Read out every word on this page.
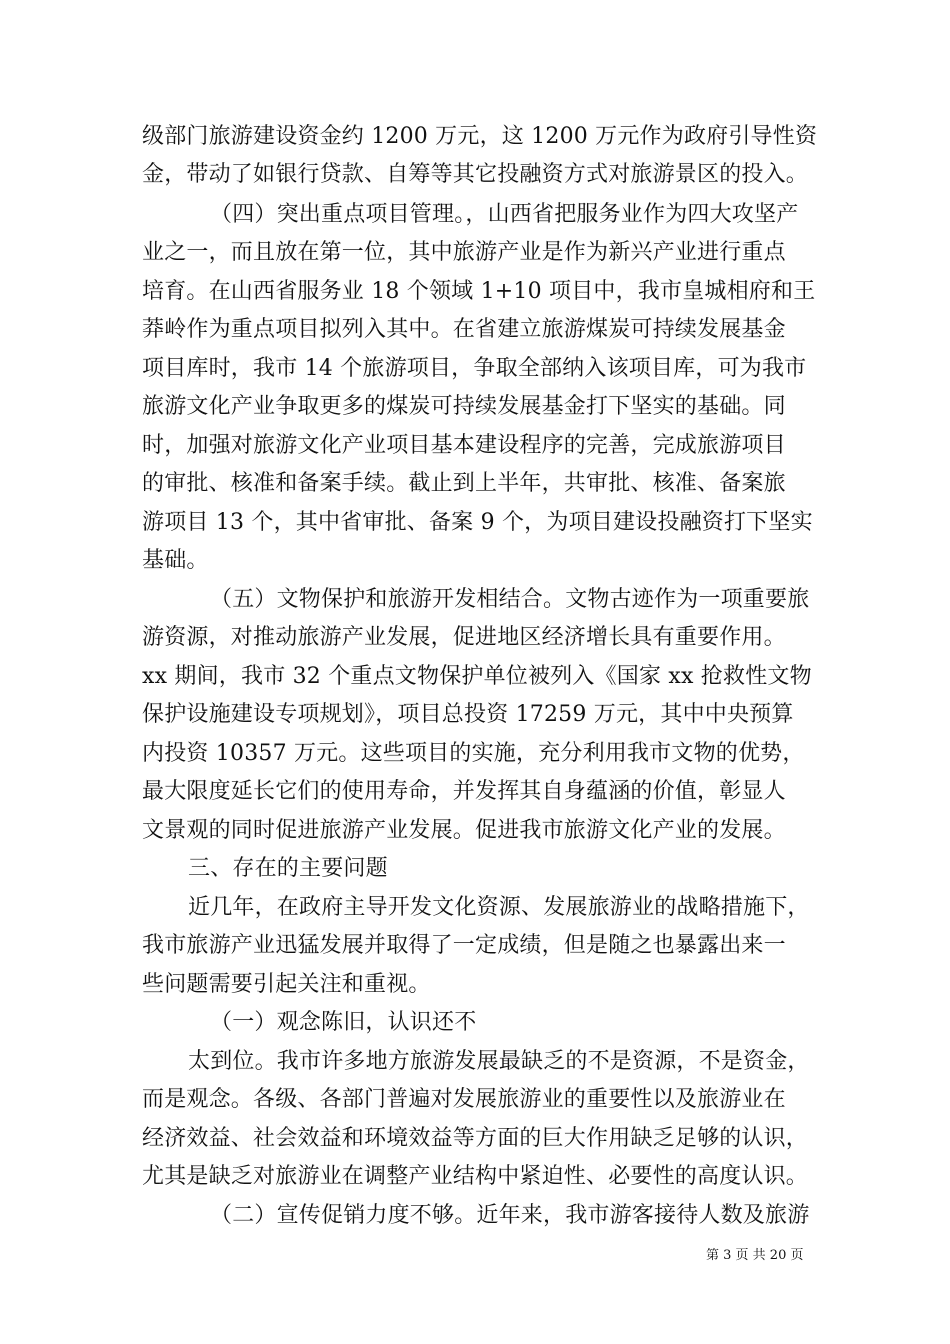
级部门旅游建设资金约 1200 万元，这 1200 万元作为政府引导性资
金，带动了如银行贷款、自筹等其它投融资方式对旅游景区的投入。
（四）突出重点项目管理。，山西省把服务业作为四大攻坚产
业之一，而且放在第一位，其中旅游产业是作为新兴产业进行重点
培育。在山西省服务业 18 个领域 1+10 项目中，我市皇城相府和王
莽岭作为重点项目拟列入其中。在省建立旅游煤炭可持续发展基金
项目库时，我市 14 个旅游项目，争取全部纳入该项目库，可为我市
旅游文化产业争取更多的煤炭可持续发展基金打下坚实的基础。同
时，加强对旅游文化产业项目基本建设程序的完善，完成旅游项目
的审批、核准和备案手续。截止到上半年，共审批、核准、备案旅
游项目 13 个，其中省审批、备案 9 个，为项目建设投融资打下坚实
基础。
（五）文物保护和旅游开发相结合。文物古迹作为一项重要旅
游资源，对推动旅游产业发展，促进地区经济增长具有重要作用。
xx 期间，我市 32 个重点文物保护单位被列入《国家 xx 抢救性文物
保护设施建设专项规划》，项目总投资 17259 万元，其中中央预算
内投资 10357 万元。这些项目的实施，充分利用我市文物的优势，
最大限度延长它们的使用寿命，并发挥其自身蕴涵的价值，彰显人
文景观的同时促进旅游产业发展。促进我市旅游文化产业的发展。
三、存在的主要问题
近几年，在政府主导开发文化资源、发展旅游业的战略措施下，
我市旅游产业迅猛发展并取得了一定成绩，但是随之也暴露出来一
些问题需要引起关注和重视。
（一）观念陈旧，认识还不
太到位。我市许多地方旅游发展最缺乏的不是资源，不是资金，
而是观念。各级、各部门普遍对发展旅游业的重要性以及旅游业在
经济效益、社会效益和环境效益等方面的巨大作用缺乏足够的认识，
尤其是缺乏对旅游业在调整产业结构中紧迫性、必要性的高度认识。
（二）宣传促销力度不够。近年来，我市游客接待人数及旅游
第 3 页 共 20 页
